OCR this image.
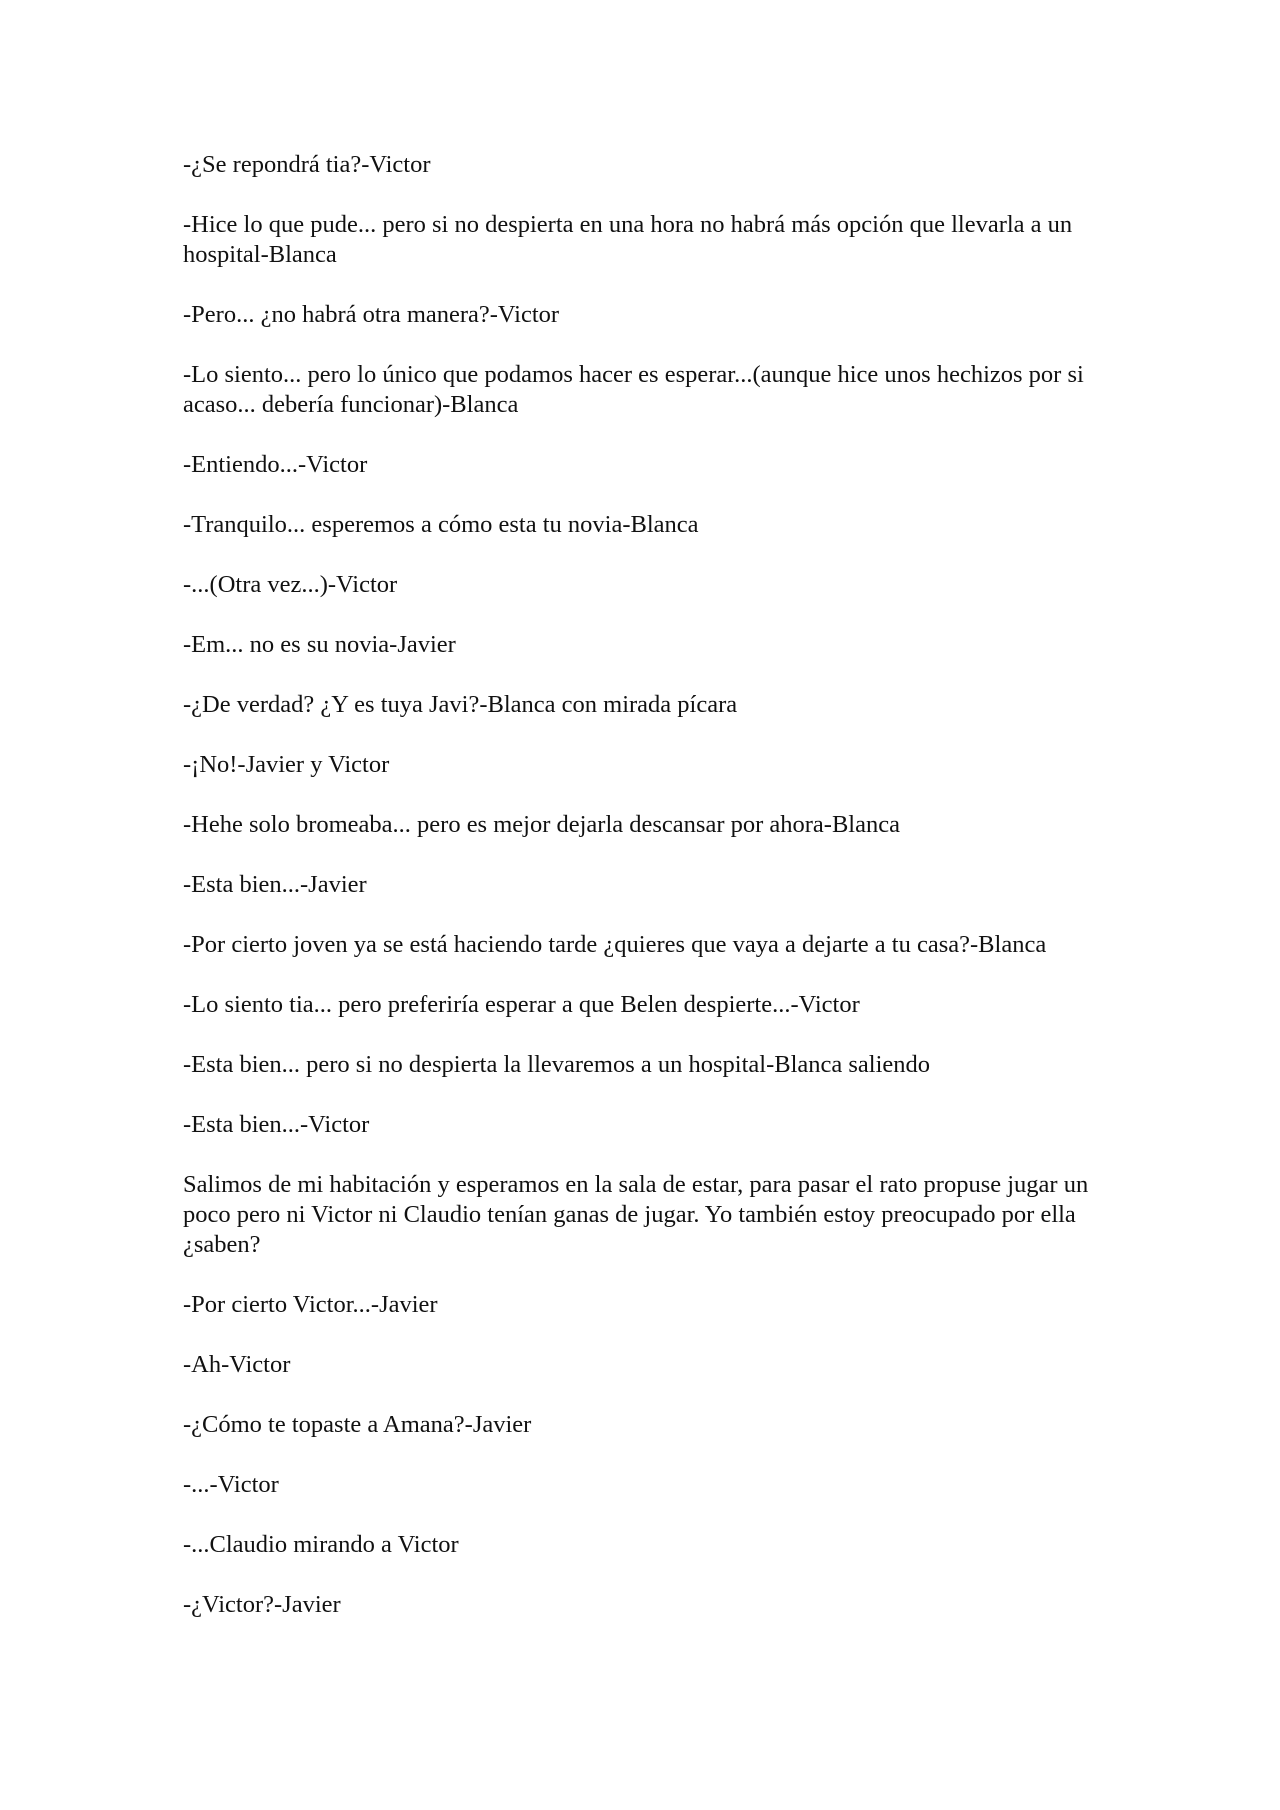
-¿Se repondrá tia?-Victor

-Hice lo que pude... pero si no despierta en una hora no habrá más opción que llevarla a un hospital-Blanca

-Pero... ¿no habrá otra manera?-Victor

-Lo siento... pero lo único que podamos hacer es esperar...(aunque hice unos hechizos por si acaso... debería funcionar)-Blanca

-Entiendo...-Victor

-Tranquilo... esperemos a cómo esta tu novia-Blanca

-...(Otra vez...)-Victor

-Em... no es su novia-Javier

-¿De verdad? ¿Y es tuya Javi?-Blanca con mirada pícara

-¡No!-Javier y Victor

-Hehe solo bromeaba... pero es mejor dejarla descansar por ahora-Blanca

-Esta bien...-Javier

-Por cierto joven ya se está haciendo tarde ¿quieres que vaya a dejarte a tu casa?-Blanca

-Lo siento tia... pero preferiría esperar a que Belen despierte...-Victor

-Esta bien... pero si no despierta la llevaremos a un hospital-Blanca saliendo

-Esta bien...-Victor

Salimos de mi habitación y esperamos en la sala de estar, para pasar el rato propuse jugar un poco pero ni Victor ni Claudio tenían ganas de jugar. Yo también estoy preocupado por ella ¿saben?

-Por cierto Victor...-Javier

-Ah-Victor

-¿Cómo te topaste a Amana?-Javier

-...-Victor

-...Claudio mirando a Victor

-¿Victor?-Javier
